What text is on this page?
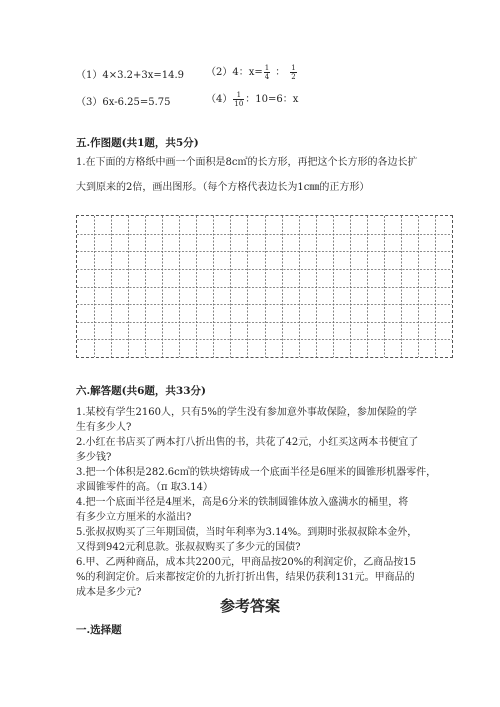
（1）4×3.2+3x=14.9 （2）4：$x= \frac{1}{4}$ ： $\frac{1}{2}$
（3）6x-6.25=5.75	$(4) \frac{1}{10}$ ：10=6：x
五.作图题(共1题，共5分)
1.在下面的方格纸中画一个面积是8c㎡的长方形，再把这个长方形的各边长扩
大到原来的2倍，画出图形。（每个方格代表边长为1c㎜的正方形）
六.解答题(共6题，共33分)
1.某校有学生2160人，只有5%的学生没有参加意外事故保险，参加保险的学
生有多少人?
2.小红在书店买了两本打八折出售的书，共花了42元，小红买这两本书便宜了
多少钱?
3.把一个体积是282.6c㎥的铁块熔铸成一个底面半径是6厘米的圆锥形机器零件，
求圆锥零件的高。（π 取3.14）
4.把一个底面半径是4厘米，高是6分米的铁制圆锥体放入盛满水的桶里，将
有多少立方厘米的水溢出?
5.张叔叔购买了三年期国债，当时年利率为3.14%。到期时张叔叔除本金外，
又得到942元利息款。张叔叔购买了多少元的国债?
6.甲、乙两种商品，成本共2200元，甲商品按20%的利润定价，乙商品按15
%的利润定价。后来都按定价的九折打折出售，结果仍获利131元。甲商品的
成本是多少元?
参考答案
一.选择题
